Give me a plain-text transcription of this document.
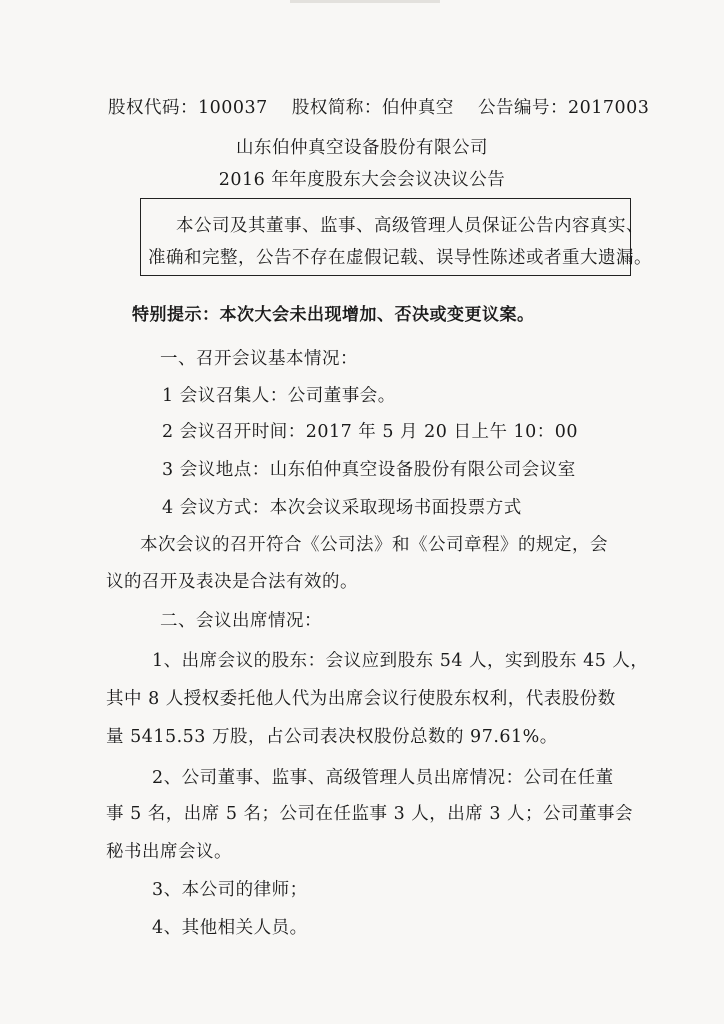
股权代码：100037 股权简称：伯仲真空 公告编号：2017003
山东伯仲真空设备股份有限公司
2016 年年度股东大会会议决议公告
本公司及其董事、监事、高级管理人员保证公告内容真实、
准确和完整，公告不存在虚假记载、误导性陈述或者重大遗漏。
特别提示：本次大会未出现增加、否决或变更议案。
一、召开会议基本情况：
1 会议召集人：公司董事会。
2 会议召开时间：2017 年 5 月 20 日上午 10：00
3 会议地点：山东伯仲真空设备股份有限公司会议室
4 会议方式：本次会议采取现场书面投票方式
本次会议的召开符合《公司法》和《公司章程》的规定，会
议的召开及表决是合法有效的。
二、会议出席情况：
1、出席会议的股东：会议应到股东 54 人，实到股东 45 人，
其中 8 人授权委托他人代为出席会议行使股东权利，代表股份数
量 5415.53 万股，占公司表决权股份总数的 97.61%。
2、公司董事、监事、高级管理人员出席情况：公司在任董
事 5 名，出席 5 名；公司在任监事 3 人，出席 3 人；公司董事会
秘书出席会议。
3、本公司的律师；
4、其他相关人员。
